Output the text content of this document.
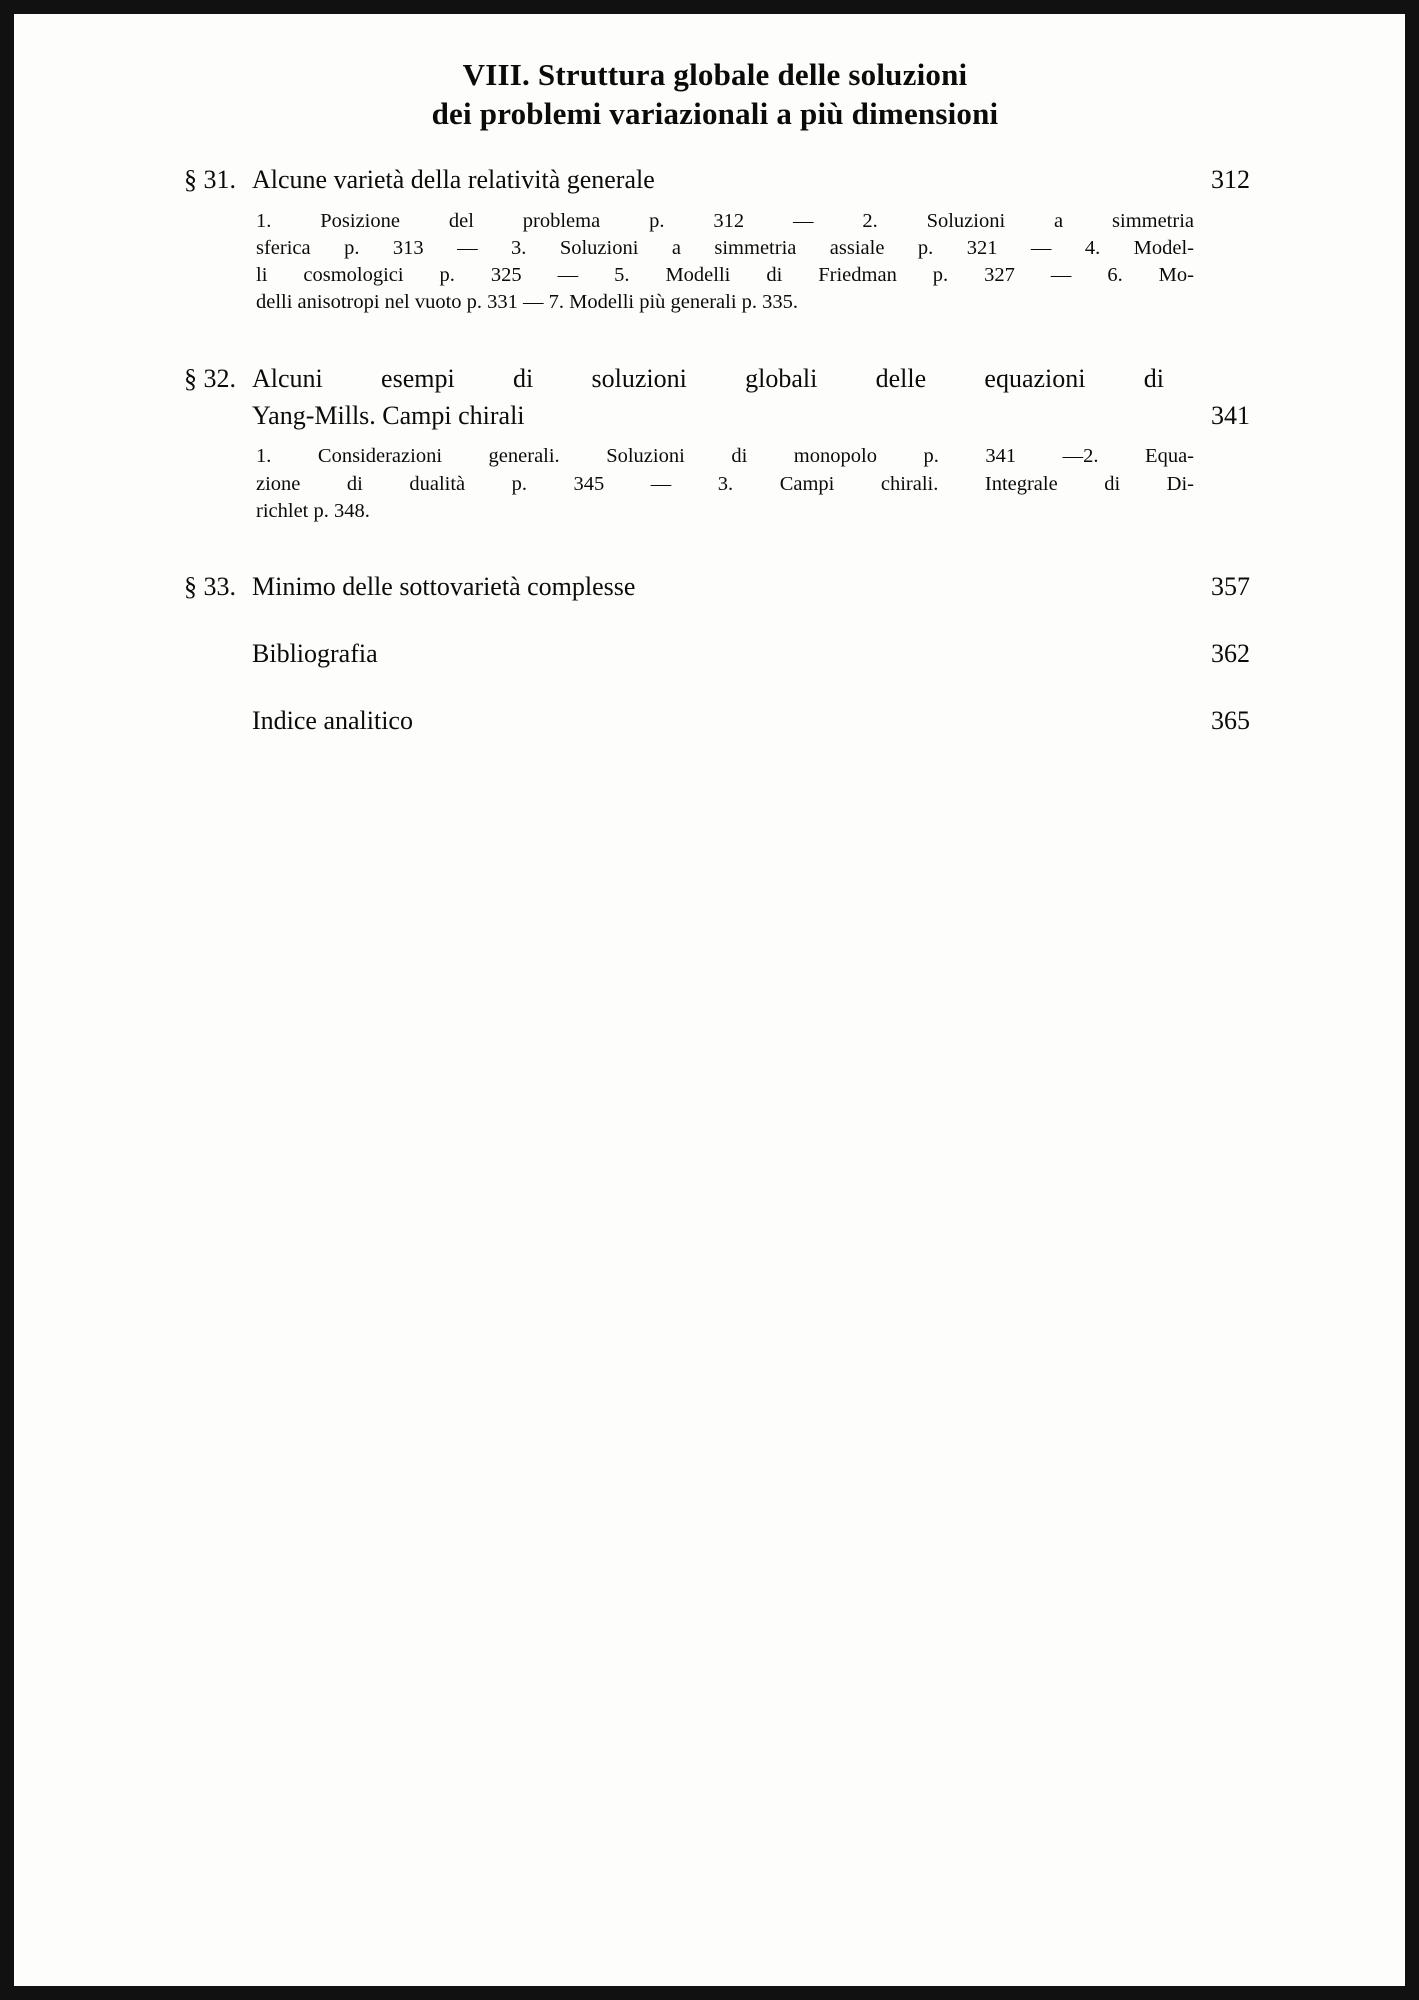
VIII. Struttura globale delle soluzioni
dei problemi variazionali a più dimensioni
§ 31. Alcune varietà della relatività generale	312
1. Posizione del problema p. 312 — 2. Soluzioni a simmetria
sferica p. 313 — 3. Soluzioni a simmetria assiale p. 321 — 4. Model-
li cosmologici p. 325 — 5. Modelli di Friedman p. 327 — 6. Mo-
delli anisotropi nel vuoto p. 331 — 7. Modelli più generali p. 335.
§ 32. Alcuni esempi di soluzioni globali delle equazioni di
Yang-Mills. Campi chirali	341
1. Considerazioni generali. Soluzioni di monopolo p. 341 —2. Equa-
zione di dualità p. 345 — 3. Campi chirali. Integrale di Di-
richlet p. 348.
§ 33. Minimo delle sottovarietà complesse	357
Bibliografia	362
Indice analitico	365
